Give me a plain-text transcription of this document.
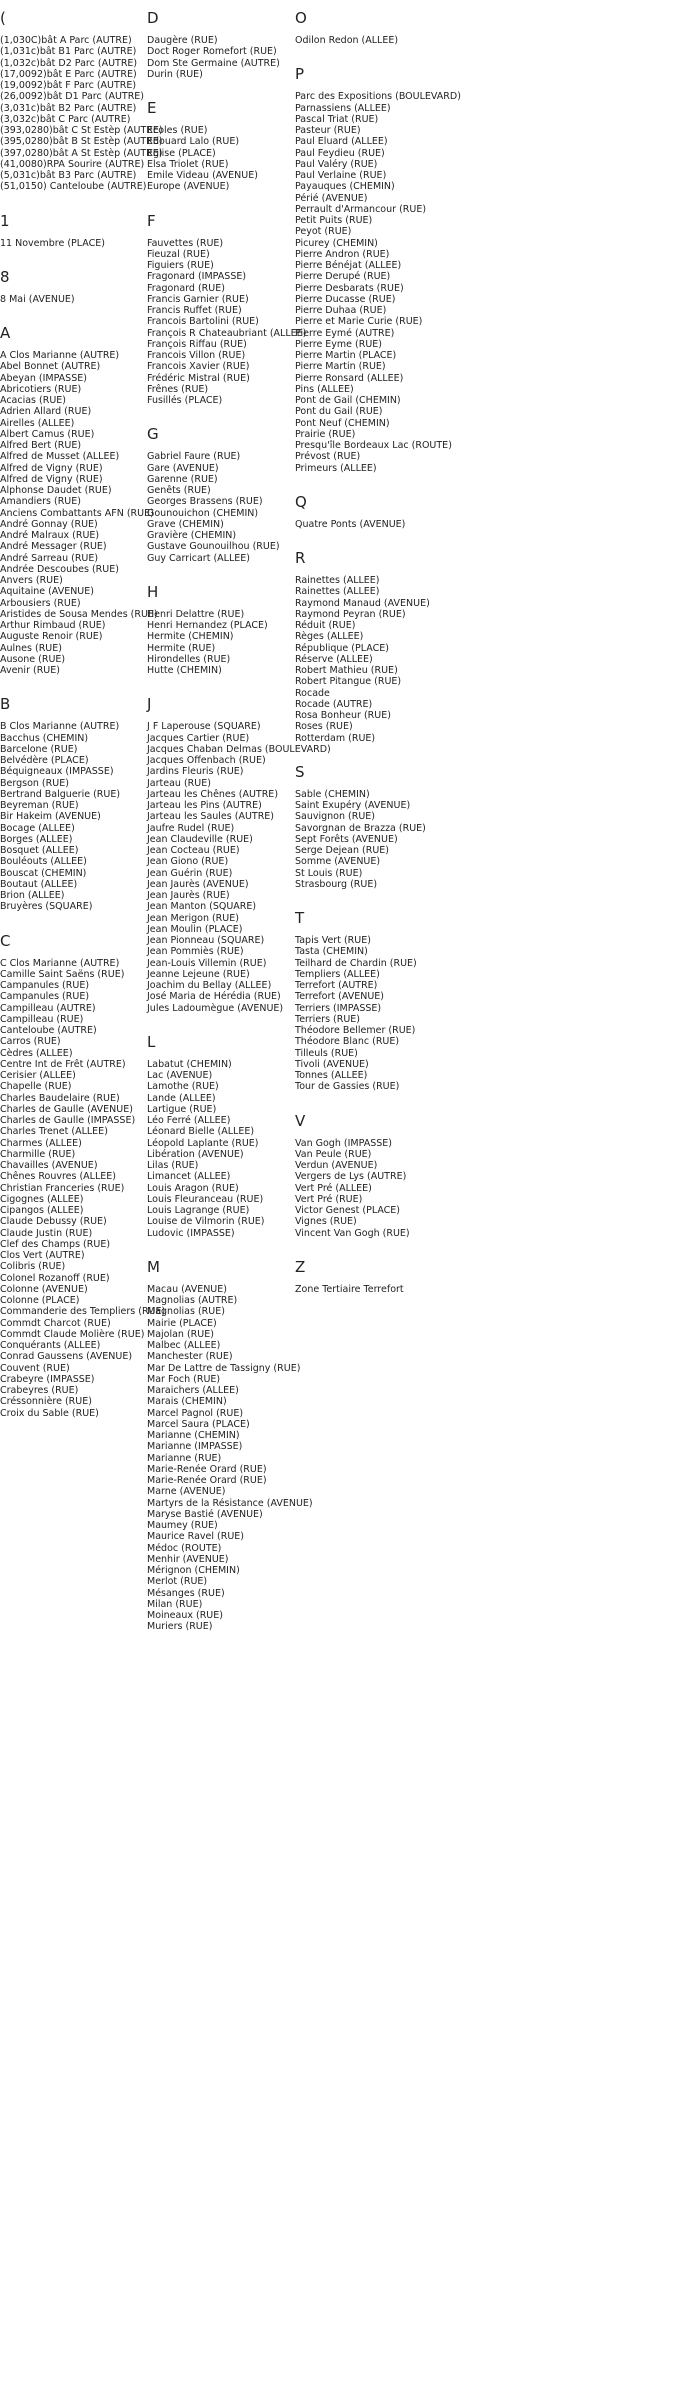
(
(1,030C)bât A Parc (AUTRE)
(1,031c)bât B1 Parc (AUTRE)
(1,032c)bât D2 Parc (AUTRE)
(17,0092)bât E Parc (AUTRE)
(19,0092)bât F Parc (AUTRE)
(26,0092)bât D1 Parc (AUTRE)
(3,031c)bât B2 Parc (AUTRE)
(3,032c)bât C Parc (AUTRE)
(393,0280)bât C St Estèp (AUTRE)
(395,0280)bât B St Estèp (AUTRE)
(397,0280)bât A St Estèp (AUTRE)
(41,0080)RPA Sourire (AUTRE)
(5,031c)bât B3 Parc (AUTRE)
(51,0150) Canteloube (AUTRE)
1
11 Novembre (PLACE)
8
8 Mai (AVENUE)
A
A Clos Marianne (AUTRE)
Abel Bonnet (AUTRE)
Abeyan (IMPASSE)
Abricotiers (RUE)
Acacias (RUE)
Adrien Allard (RUE)
Airelles (ALLEE)
Albert Camus (RUE)
Alfred Bert (RUE)
Alfred de Musset (ALLEE)
Alfred de Vigny (RUE)
Alfred de Vigny (RUE)
Alphonse Daudet (RUE)
Amandiers (RUE)
Anciens Combattants AFN (RUE)
André Gonnay (RUE)
André Malraux (RUE)
André Messager (RUE)
André Sarreau (RUE)
Andrée Descoubes (RUE)
Anvers (RUE)
Aquitaine (AVENUE)
Arbousiers (RUE)
Aristides de Sousa Mendes (RUE)
Arthur Rimbaud (RUE)
Auguste Renoir (RUE)
Aulnes (RUE)
Ausone (RUE)
Avenir (RUE)
B
B Clos Marianne (AUTRE)
Bacchus (CHEMIN)
Barcelone (RUE)
Belvédère (PLACE)
Béquigneaux (IMPASSE)
Bergson (RUE)
Bertrand Balguerie (RUE)
Beyreman (RUE)
Bir Hakeim (AVENUE)
Bocage (ALLEE)
Borges (ALLEE)
Bosquet (ALLEE)
Bouléouts (ALLEE)
Bouscat (CHEMIN)
Boutaut (ALLEE)
Brion (ALLEE)
Bruyères (SQUARE)
C
C Clos Marianne (AUTRE)
Camille Saint Saëns (RUE)
Campanules (RUE)
Campanules (RUE)
Campilleau (AUTRE)
Campilleau (RUE)
Canteloube (AUTRE)
Carros (RUE)
Cèdres (ALLEE)
Centre Int de Frêt (AUTRE)
Cerisier (ALLEE)
Chapelle (RUE)
Charles Baudelaire (RUE)
Charles de Gaulle (AVENUE)
Charles de Gaulle (IMPASSE)
Charles Trenet (ALLEE)
Charmes (ALLEE)
Charmille (RUE)
Chavailles (AVENUE)
Chênes Rouvres (ALLEE)
Christian Franceries (RUE)
Cigognes (ALLEE)
Cipangos (ALLEE)
Claude Debussy (RUE)
Claude Justin (RUE)
Clef des Champs (RUE)
Clos Vert (AUTRE)
Colibris (RUE)
Colonel Rozanoff (RUE)
Colonne (AVENUE)
Colonne (PLACE)
Commanderie des Templiers (RUE)
Commdt Charcot (RUE)
Commdt Claude Molière (RUE)
Conquérants (ALLEE)
Conrad Gaussens (AVENUE)
Couvent (RUE)
Crabeyre (IMPASSE)
Crabeyres (RUE)
Créssonnière (RUE)
Croix du Sable (RUE)
D
Daugère (RUE)
Doct Roger Romefort (RUE)
Dom Ste Germaine (AUTRE)
Durin (RUE)
E
Ecoles (RUE)
Edouard Lalo (RUE)
Eglise (PLACE)
Elsa Triolet (RUE)
Emile Videau (AVENUE)
Europe (AVENUE)
F
Fauvettes (RUE)
Fieuzal (RUE)
Figuiers (RUE)
Fragonard (IMPASSE)
Fragonard (RUE)
Francis Garnier (RUE)
Francis Ruffet (RUE)
Francois Bartolini (RUE)
François R Chateaubriant (ALLEE)
François Riffau (RUE)
Francois Villon (RUE)
Francois Xavier (RUE)
Frédéric Mistral (RUE)
Frênes (RUE)
Fusillés (PLACE)
G
Gabriel Faure (RUE)
Gare (AVENUE)
Garenne (RUE)
Genêts (RUE)
Georges Brassens (RUE)
Gounouichon (CHEMIN)
Grave (CHEMIN)
Gravière (CHEMIN)
Gustave Gounouilhou (RUE)
Guy Carricart (ALLEE)
H
Henri Delattre (RUE)
Henri Hernandez (PLACE)
Hermite (CHEMIN)
Hermite (RUE)
Hirondelles (RUE)
Hutte (CHEMIN)
J
J F Laperouse (SQUARE)
Jacques Cartier (RUE)
Jacques Chaban Delmas (BOULEVARD)
Jacques Offenbach (RUE)
Jardins Fleuris (RUE)
Jarteau (RUE)
Jarteau les Chênes (AUTRE)
Jarteau les Pins (AUTRE)
Jarteau les Saules (AUTRE)
Jaufre Rudel (RUE)
Jean Claudeville (RUE)
Jean Cocteau (RUE)
Jean Giono (RUE)
Jean Guérin (RUE)
Jean Jaurès (AVENUE)
Jean Jaurès (RUE)
Jean Manton (SQUARE)
Jean Merigon (RUE)
Jean Moulin (PLACE)
Jean Pionneau (SQUARE)
Jean Pommiès (RUE)
Jean-Louis Villemin (RUE)
Jeanne Lejeune (RUE)
Joachim du Bellay (ALLEE)
José Maria de Hérédia (RUE)
Jules Ladoumègue (AVENUE)
L
Labatut (CHEMIN)
Lac (AVENUE)
Lamothe (RUE)
Lande (ALLEE)
Lartigue (RUE)
Léo Ferré (ALLEE)
Léonard Bielle (ALLEE)
Léopold Laplante (RUE)
Libération (AVENUE)
Lilas (RUE)
Limancet (ALLEE)
Louis Aragon (RUE)
Louis Fleuranceau (RUE)
Louis Lagrange (RUE)
Louise de Vilmorin (RUE)
Ludovic (IMPASSE)
M
Macau (AVENUE)
Magnolias (AUTRE)
Magnolias (RUE)
Mairie (PLACE)
Majolan (RUE)
Malbec (ALLEE)
Manchester (RUE)
Mar De Lattre de Tassigny (RUE)
Mar Foch (RUE)
Maraichers (ALLEE)
Marais (CHEMIN)
Marcel Pagnol (RUE)
Marcel Saura (PLACE)
Marianne (CHEMIN)
Marianne (IMPASSE)
Marianne (RUE)
Marie-Renée Orard (RUE)
Marie-Renée Orard (RUE)
Marne (AVENUE)
Martyrs de la Résistance (AVENUE)
Maryse Bastié (AVENUE)
Maumey (RUE)
Maurice Ravel (RUE)
Médoc (ROUTE)
Menhir (AVENUE)
Mérignon (CHEMIN)
Merlot (RUE)
Mésanges (RUE)
Milan (RUE)
Moineaux (RUE)
Muriers (RUE)
O
Odilon Redon (ALLEE)
P
Parc des Expositions (BOULEVARD)
Parnassiens (ALLEE)
Pascal Triat (RUE)
Pasteur (RUE)
Paul Eluard (ALLEE)
Paul Feydieu (RUE)
Paul Valéry (RUE)
Paul Verlaine (RUE)
Payauques (CHEMIN)
Périé (AVENUE)
Perrault d'Armancour (RUE)
Petit Puits (RUE)
Peyot (RUE)
Picurey (CHEMIN)
Pierre Andron (RUE)
Pierre Bénéjat (ALLEE)
Pierre Derupé (RUE)
Pierre Desbarats (RUE)
Pierre Ducasse (RUE)
Pierre Duhaa (RUE)
Pierre et Marie Curie (RUE)
Pierre Eymé (AUTRE)
Pierre Eyme (RUE)
Pierre Martin (PLACE)
Pierre Martin (RUE)
Pierre Ronsard (ALLEE)
Pins (ALLEE)
Pont de Gail (CHEMIN)
Pont du Gail (RUE)
Pont Neuf (CHEMIN)
Prairie (RUE)
Presqu'île Bordeaux Lac (ROUTE)
Prévost (RUE)
Primeurs (ALLEE)
Q
Quatre Ponts (AVENUE)
R
Rainettes (ALLEE)
Rainettes (ALLEE)
Raymond Manaud (AVENUE)
Raymond Peyran (RUE)
Réduit (RUE)
Règes (ALLEE)
République (PLACE)
Réserve (ALLEE)
Robert Mathieu (RUE)
Robert Pitangue (RUE)
Rocade
Rocade (AUTRE)
Rosa Bonheur (RUE)
Roses (RUE)
Rotterdam (RUE)
S
Sable (CHEMIN)
Saint Exupéry (AVENUE)
Sauvignon (RUE)
Savorgnan de Brazza (RUE)
Sept Forêts (AVENUE)
Serge Dejean (RUE)
Somme (AVENUE)
St Louis (RUE)
Strasbourg (RUE)
T
Tapis Vert (RUE)
Tasta (CHEMIN)
Teilhard de Chardin (RUE)
Templiers (ALLEE)
Terrefort (AUTRE)
Terrefort (AVENUE)
Terriers (IMPASSE)
Terriers (RUE)
Théodore Bellemer (RUE)
Théodore Blanc (RUE)
Tilleuls (RUE)
Tivoli (AVENUE)
Tonnes (ALLEE)
Tour de Gassies (RUE)
V
Van Gogh (IMPASSE)
Van Peule (RUE)
Verdun (AVENUE)
Vergers de Lys (AUTRE)
Vert Pré (ALLEE)
Vert Pré (RUE)
Victor Genest (PLACE)
Vignes (RUE)
Vincent Van Gogh (RUE)
Z
Zone Tertiaire Terrefort
